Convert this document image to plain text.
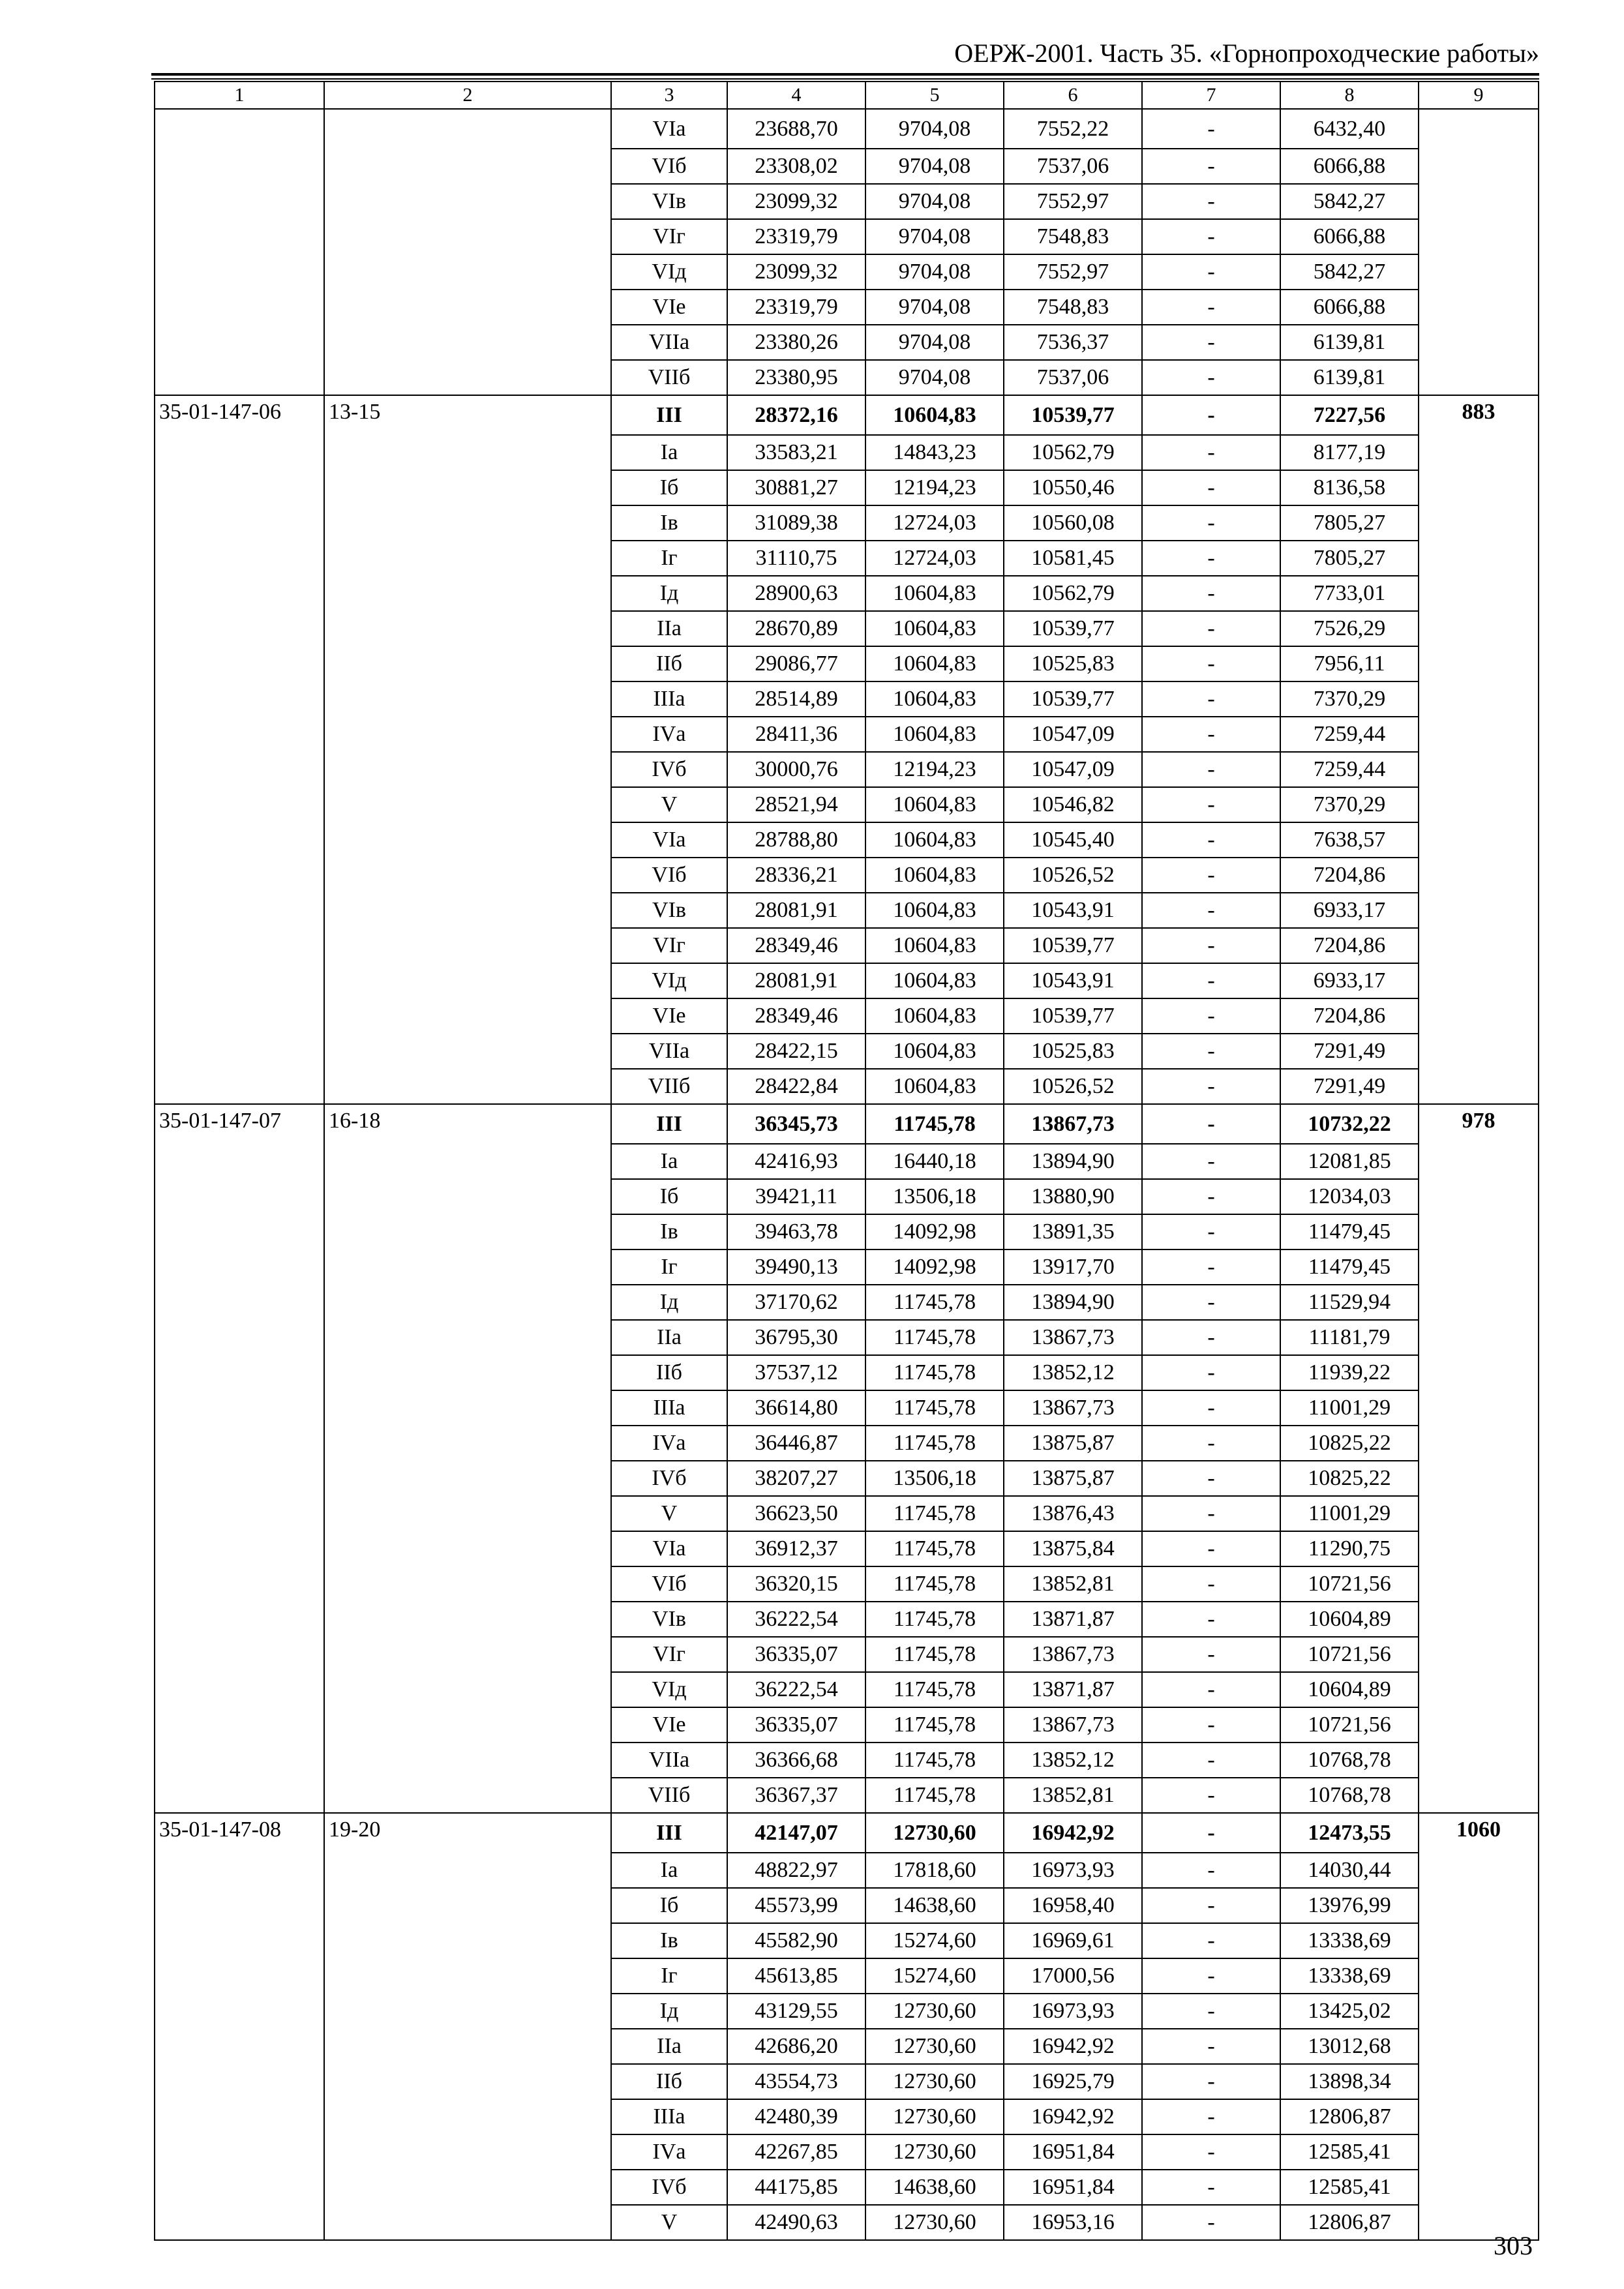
ОЕРЖ-2001. Часть 35. «Горнопроходческие работы»
1	2	3	4	5	6	7	8	9
		VIа	23688,70	9704,08	7552,22	-	6432,40	
		VIб	23308,02	9704,08	7537,06	-	6066,88	
		VIв	23099,32	9704,08	7552,97	-	5842,27	
		VIг	23319,79	9704,08	7548,83	-	6066,88	
		VIд	23099,32	9704,08	7552,97	-	5842,27	
		VIе	23319,79	9704,08	7548,83	-	6066,88	
		VIIа	23380,26	9704,08	7536,37	-	6139,81	
		VIIб	23380,95	9704,08	7537,06	-	6139,81	
35-01-147-06	13-15	III	28372,16	10604,83	10539,77	-	7227,56	883
		Iа	33583,21	14843,23	10562,79	-	8177,19	
		Iб	30881,27	12194,23	10550,46	-	8136,58	
		Iв	31089,38	12724,03	10560,08	-	7805,27	
		Iг	31110,75	12724,03	10581,45	-	7805,27	
		Iд	28900,63	10604,83	10562,79	-	7733,01	
		IIа	28670,89	10604,83	10539,77	-	7526,29	
		IIб	29086,77	10604,83	10525,83	-	7956,11	
		IIIа	28514,89	10604,83	10539,77	-	7370,29	
		IVа	28411,36	10604,83	10547,09	-	7259,44	
		IVб	30000,76	12194,23	10547,09	-	7259,44	
		V	28521,94	10604,83	10546,82	-	7370,29	
		VIа	28788,80	10604,83	10545,40	-	7638,57	
		VIб	28336,21	10604,83	10526,52	-	7204,86	
		VIв	28081,91	10604,83	10543,91	-	6933,17	
		VIг	28349,46	10604,83	10539,77	-	7204,86	
		VIд	28081,91	10604,83	10543,91	-	6933,17	
		VIе	28349,46	10604,83	10539,77	-	7204,86	
		VIIа	28422,15	10604,83	10525,83	-	7291,49	
		VIIб	28422,84	10604,83	10526,52	-	7291,49	
35-01-147-07	16-18	III	36345,73	11745,78	13867,73	-	10732,22	978
		Iа	42416,93	16440,18	13894,90	-	12081,85	
		Iб	39421,11	13506,18	13880,90	-	12034,03	
		Iв	39463,78	14092,98	13891,35	-	11479,45	
		Iг	39490,13	14092,98	13917,70	-	11479,45	
		Iд	37170,62	11745,78	13894,90	-	11529,94	
		IIа	36795,30	11745,78	13867,73	-	11181,79	
		IIб	37537,12	11745,78	13852,12	-	11939,22	
		IIIа	36614,80	11745,78	13867,73	-	11001,29	
		IVа	36446,87	11745,78	13875,87	-	10825,22	
		IVб	38207,27	13506,18	13875,87	-	10825,22	
		V	36623,50	11745,78	13876,43	-	11001,29	
		VIа	36912,37	11745,78	13875,84	-	11290,75	
		VIб	36320,15	11745,78	13852,81	-	10721,56	
		VIв	36222,54	11745,78	13871,87	-	10604,89	
		VIг	36335,07	11745,78	13867,73	-	10721,56	
		VIд	36222,54	11745,78	13871,87	-	10604,89	
		VIе	36335,07	11745,78	13867,73	-	10721,56	
		VIIа	36366,68	11745,78	13852,12	-	10768,78	
		VIIб	36367,37	11745,78	13852,81	-	10768,78	
35-01-147-08	19-20	III	42147,07	12730,60	16942,92	-	12473,55	1060
		Iа	48822,97	17818,60	16973,93	-	14030,44	
		Iб	45573,99	14638,60	16958,40	-	13976,99	
		Iв	45582,90	15274,60	16969,61	-	13338,69	
		Iг	45613,85	15274,60	17000,56	-	13338,69	
		Iд	43129,55	12730,60	16973,93	-	13425,02	
		IIа	42686,20	12730,60	16942,92	-	13012,68	
		IIб	43554,73	12730,60	16925,79	-	13898,34	
		IIIа	42480,39	12730,60	16942,92	-	12806,87	
		IVа	42267,85	12730,60	16951,84	-	12585,41	
		IVб	44175,85	14638,60	16951,84	-	12585,41	
		V	42490,63	12730,60	16953,16	-	12806,87	
303
